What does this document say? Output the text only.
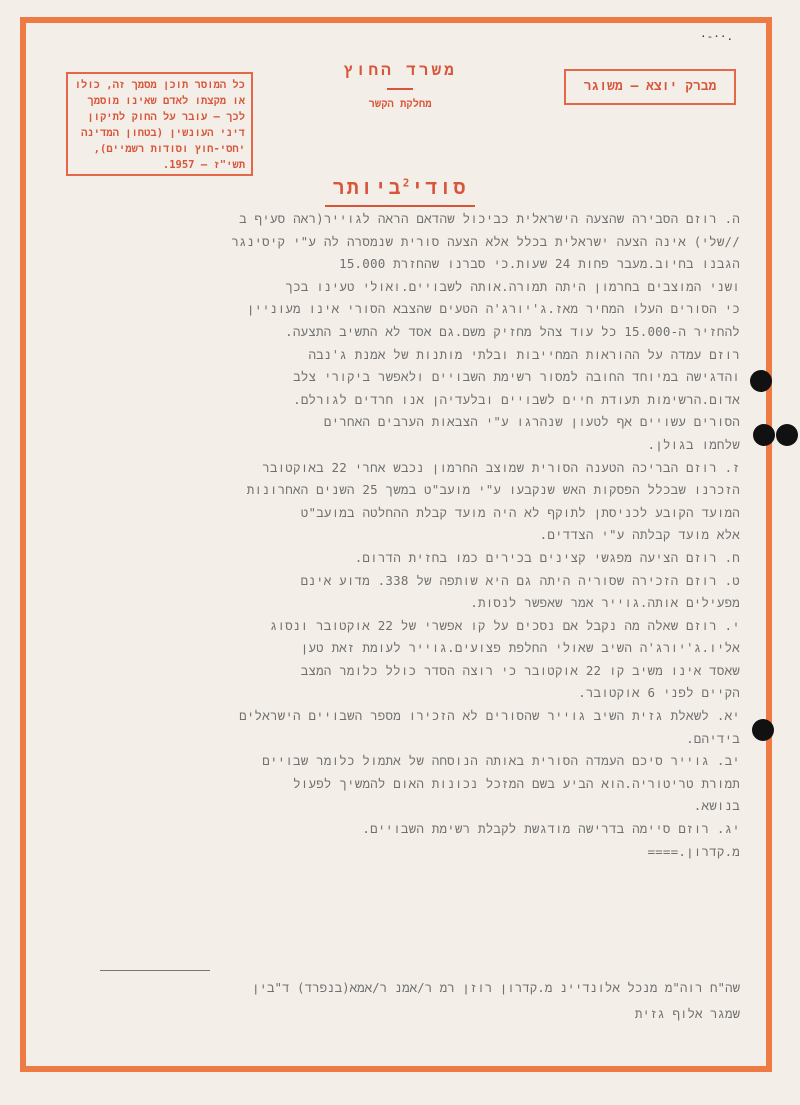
·-··.
כל המוסר תוכן מסמך זה, כולו
או מקצתו לאדם שאינו מוסמך
לכך – עובר על החוק לתיקון
דיני העונשין (בטחון המדינה
יחסי-חוץ וסודות רשמיים),
תשי"ז – 1957.
משרד החוץ
מחלקת הקשר
מברק יוצא – משוגר
סודי$^2$ביותר
ה. רוזם הסבירה שהצעה הישראלית כביכול שהדאם הראה לגוייר(ראה סעיף ב
//שלי) אינה הצעה ישראלית בכלל אלא הצעה סורית שנמסרה לה ע"י קיסינגר
הגבנו בחיוב.מעבר פחות 24 שעות.כי סברנו שהחזרת 15.000
ושני המוצבים בחרמון היתה תמורה.אותה לשבויים.ואולי טעינו בכך
כי הסורים העלו המחיר מאז.ג'יורג'ה הטעים שהצבא הסורי אינו מעוניין
להחזיר ה-15.000 כל עוד צהל מחזיק משם.גם אסד לא התשיב התצעה.
רוזם עמדה על ההוראות המחייבות ובלתי מותנות של אמנת ג'נבה
והדגישה במיוחד החובה למסור רשימת השבויים ולאפשר ביקורי צלב
אדום.הרשימות תעודת חיים לשבויים ובלעדיהן אנו חרדים לגורלם.
הסורים עשויים אף לטעון שנהרגו ע"י הצבאות הערבים האחרים
שלחמו בגולן.
ז. רוזם הבריכה הטענה הסורית שמוצב החרמון נכבש אחרי 22 באוקטובר
הזכרנו שבכלל הפסקות האש שנקבעו ע"י מועב"ט במשך 25 השנים האחרונות
המועד הקובע לכניסתן לתוקף לא היה מועד קבלת ההחלטה במועב"ט
אלא מועד קבלתה ע"י הצדדים.
ח. רוזם הציעה מפגשי קצינים בכירים כמו בחזית הדרום.
ט. רוזם הזכירה שסוריה היתה גם היא שותפה של 338. מדוע אינם
מפעילים אותה.גוייר אמר שאפשר לנסות.
י. רוזם שאלה מה נקבל אם נסכים על קו אפשרי של 22 אוקטובר ונסוג
אליו.ג'יורג'ה השיב שאולי החלפת פצועים.גוייר לעומת זאת טען
שאסד אינו משיב קו 22 אוקטובר כי רוצה הסדר כולל כלומר המצב
הקיים לפני 6 אוקטובר.
יא. לשאלת גזית השיב גוייר שהסורים לא הזכירו מספר השבויים הישראלים
בידיהם.
יב. גוייר סיכם העמדה הסורית באותה הנוסחה של אתמול כלומר שבויים
תמורת טריטוריה.הוא הביע בשם המזכל נכונות האום להמשיך לפעול
בנושא.
יג. רוזם סיימה בדרישה מודגשת לקבלת רשימת השבויים.
מ.קדרון.====
שה"ח רוה"מ מנכל אלונדיינ מ.קדרון רוזן רמ ר/אמנ ר/אמא(בנפרד) ד"בין
שמגר אלוף גזית
